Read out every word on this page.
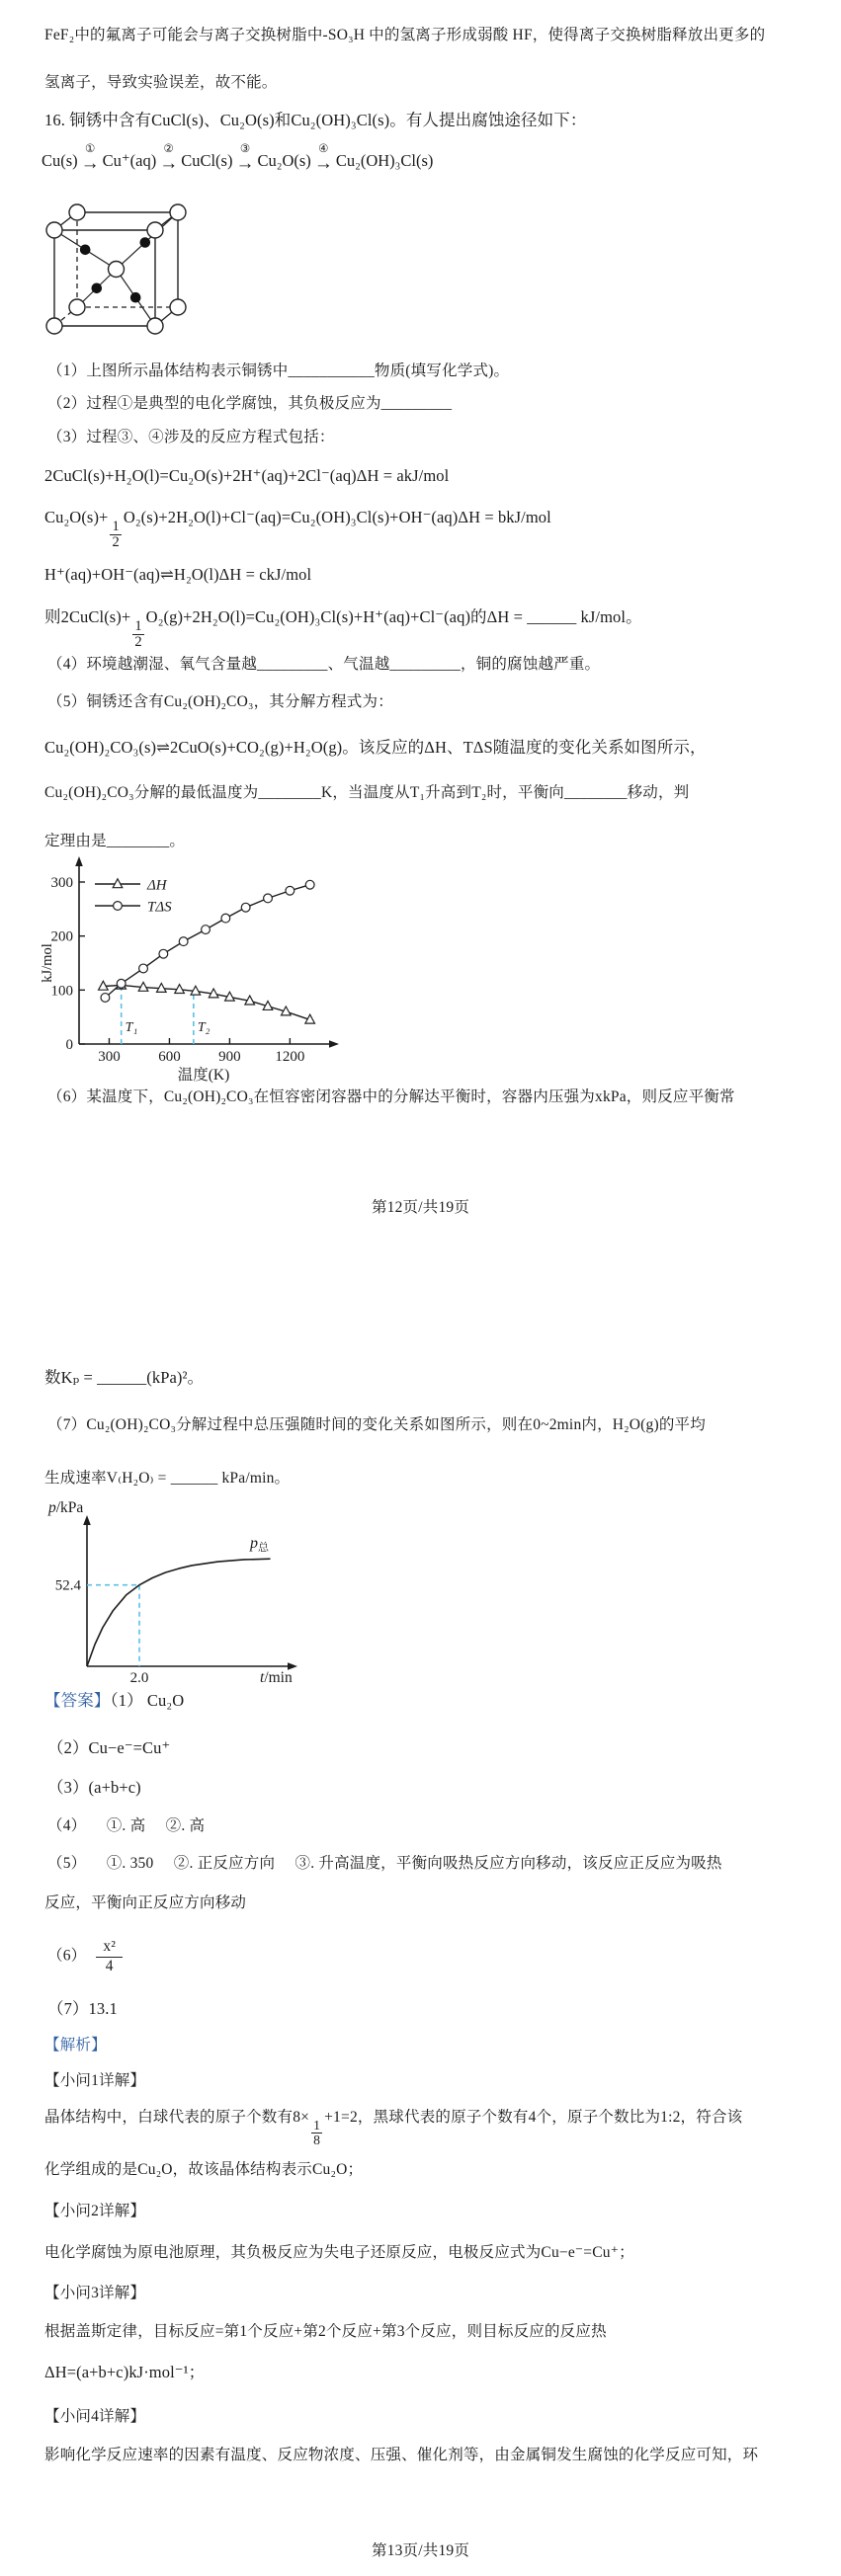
FeF₂中的氟离子可能会与离子交换树脂中-SO₃H 中的氢离子形成弱酸 HF，使得离子交换树脂释放出更多的
氢离子，导致实验误差，故不能。
16. 铜锈中含有CuCl(s)、Cu₂O(s)和Cu₂(OH)₃Cl(s)。有人提出腐蚀途径如下：
Cu(s)
①
→ Cu⁺(aq)
②
→ CuCl(s)
③
→ Cu₂O(s)
④
→ Cu₂(OH)₃Cl(s)
（1）上图所示晶体结构表示铜锈中___________物质(填写化学式)。
（2）过程①是典型的电化学腐蚀，其负极反应为_________
（3）过程③、④涉及的反应方程式包括：
2CuCl(s)+H₂O(l)=Cu₂O(s)+2H⁺(aq)+2Cl⁻(aq)ΔH = akJ/mol
Cu₂O(s)+
$\frac{1}{2}$
O₂(s)+2H₂O(l)+Cl⁻(aq)=Cu₂(OH)₃Cl(s)+OH⁻(aq)ΔH = bkJ/mol
H⁺(aq)+OH⁻(aq)⇌H₂O(l)ΔH = ckJ/mol
则2CuCl(s)+
$\frac{1}{2}$
O₂(g)+2H₂O(l)=Cu₂(OH)₃Cl(s)+H⁺(aq)+Cl⁻(aq)的ΔH = ______ kJ/mol。
（4）环境越潮湿、氧气含量越_________、气温越_________，铜的腐蚀越严重。
（5）铜锈还含有Cu₂(OH)₂CO₃，其分解方程式为：
Cu₂(OH)₂CO₃(s)⇌2CuO(s)+CO₂(g)+H₂O(g)。该反应的ΔH、TΔS随温度的变化关系如图所示，
Cu₂(OH)₂CO₃分解的最低温度为________K，当温度从T₁升高到T₂时，平衡向________移动，判
定理由是________。
0
100
200
300
300	600	900 1200
kJ/mol
温度(K)
T₁	T₂
ΔH
TΔS
（6）某温度下，Cu₂(OH)₂CO₃在恒容密闭容器中的分解达平衡时，容器内压强为xkPa，则反应平衡常
第12页/共19页
数Kₚ = ______(kPa)²。
（7）Cu₂(OH)₂CO₃分解过程中总压强随时间的变化关系如图所示，则在0~2min内，H₂O(g)的平均
生成速率V₍H₂O₎ = ______ kPa/min。
p/kPa
t/min
52.4
2.0
p总
【答案】（1） Cu₂O
（2）Cu−e⁻=Cu⁺
（3）(a+b+c)
（4）     ①. 高     ②. 高
（5）     ①. 350     ②. 正反应方向     ③. 升高温度，平衡向吸热反应方向移动，该反应正反应为吸热
反应，平衡向正反应方向移动
$(6) \frac{\text{x²}}{4}$
（7）13.1
【解析】
【小问1详解】
晶体结构中，白球代表的原子个数有8×
$\frac{1}{8}$
+1=2，黑球代表的原子个数有4个，原子个数比为1:2，符合该
化学组成的是Cu₂O，故该晶体结构表示Cu₂O；
【小问2详解】
电化学腐蚀为原电池原理，其负极反应为失电子还原反应，电极反应式为Cu−e⁻=Cu⁺；
【小问3详解】
根据盖斯定律，目标反应=第1个反应+第2个反应+第3个反应，则目标反应的反应热
ΔH=(a+b+c)kJ·mol⁻¹；
【小问4详解】
影响化学反应速率的因素有温度、反应物浓度、压强、催化剂等，由金属铜发生腐蚀的化学反应可知，环
第13页/共19页
